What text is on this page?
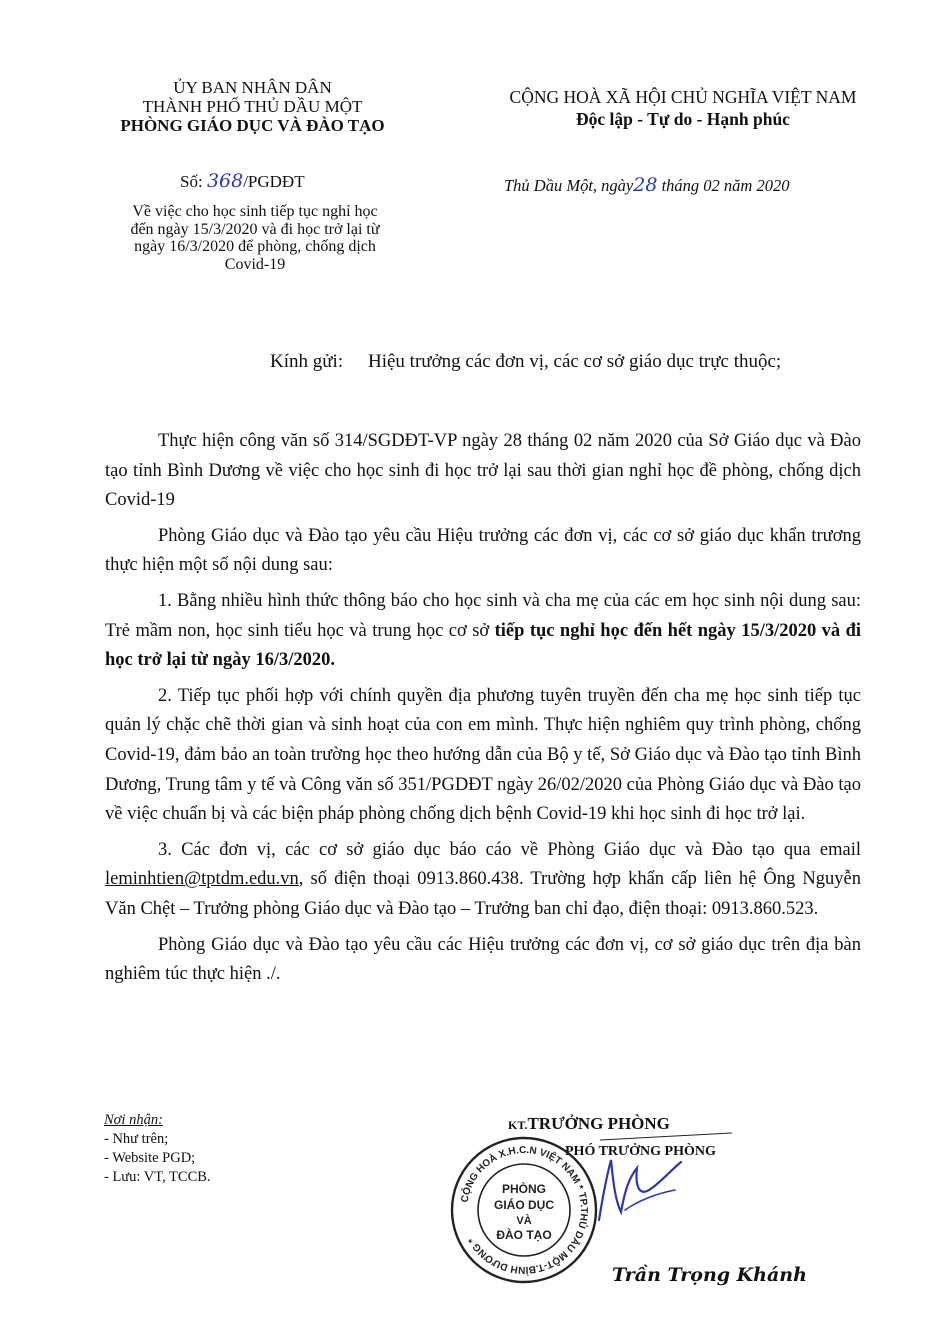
ỦY BAN NHÂN DÂN
THÀNH PHỐ THỦ DẦU MỘT
PHÒNG GIÁO DỤC VÀ ĐÀO TẠO
CỘNG HOÀ XÃ HỘI CHỦ NGHĨA VIỆT NAM
Độc lập - Tự do - Hạnh phúc
Số: 368/PGDĐT
Về việc cho học sinh tiếp tục nghỉ học
đến ngày 15/3/2020 và đi học trở lại từ
ngày 16/3/2020 để phòng, chống dịch
Covid-19
Thủ Dầu Một, ngày28 tháng 02 năm 2020
Kính gửi: Hiệu trưởng các đơn vị, các cơ sở giáo dục trực thuộc;

Thực hiện công văn số 314/SGDĐT-VP ngày 28 tháng 02 năm 2020 của Sở Giáo dục và Đào tạo tỉnh Bình Dương về việc cho học sinh đi học trở lại sau thời gian nghỉ học đề phòng, chống dịch Covid-19

Phòng Giáo dục và Đào tạo yêu cầu Hiệu trưởng các đơn vị, các cơ sở giáo dục khẩn trương thực hiện một số nội dung sau:

1. Bằng nhiều hình thức thông báo cho học sinh và cha mẹ của các em học sinh nội dung sau: Trẻ mầm non, học sinh tiểu học và trung học cơ sở tiếp tục nghỉ học đến hết ngày 15/3/2020 và đi học trở lại từ ngày 16/3/2020.

2. Tiếp tục phối hợp với chính quyền địa phương tuyên truyền đến cha mẹ học sinh tiếp tục quản lý chặc chẽ thời gian và sinh hoạt của con em mình. Thực hiện nghiêm quy trình phòng, chống Covid-19, đảm bảo an toàn trường học theo hướng dẫn của Bộ y tế, Sở Giáo dục và Đào tạo tỉnh Bình Dương, Trung tâm y tế và Công văn số 351/PGDĐT ngày 26/02/2020 của Phòng Giáo dục và Đào tạo về việc chuẩn bị và các biện pháp phòng chống dịch bệnh Covid-19 khi học sinh đi học trở lại.

3. Các đơn vị, các cơ sở giáo dục báo cáo về Phòng Giáo dục và Đào tạo qua email leminhtien@tptdm.edu.vn, số điện thoại 0913.860.438. Trường hợp khẩn cấp liên hệ Ông Nguyễn Văn Chệt – Trưởng phòng Giáo dục và Đào tạo – Trưởng ban chỉ đạo, điện thoại: 0913.860.523.

Phòng Giáo dục và Đào tạo yêu cầu các Hiệu trưởng các đơn vị, cơ sở giáo dục trên địa bàn nghiêm túc thực hiện ./.

Nơi nhận:
- Như trên;
- Website PGD;
- Lưu: VT, TCCB.
KT.TRƯỞNG PHÒNG
PHÓ TRƯỞNG PHÒNG
CỘNG HOÀ X.H.C.N VIỆT NAM * TP.THỦ DẦU MỘT-T.BÌNH DƯƠNG *
PHÒNG
GIÁO DỤC
VÀ
ĐÀO TẠO
Trần Trọng Khánh
